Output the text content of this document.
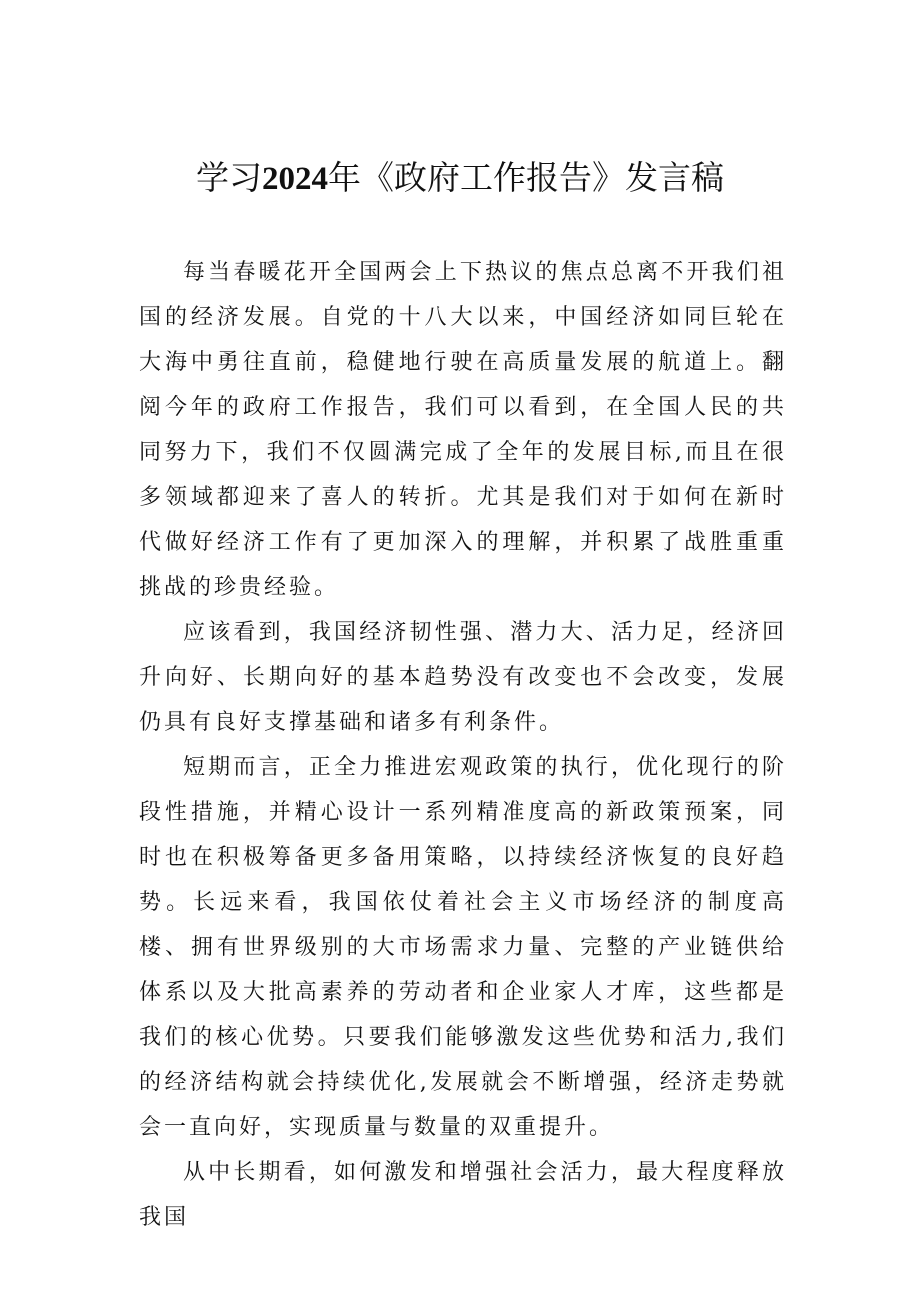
学习2024年《政府工作报告》发言稿

每当春暖花开全国两会上下热议的焦点总离不开我们祖国的经济发展。自党的十八大以来，中国经济如同巨轮在大海中勇往直前，稳健地行驶在高质量发展的航道上。翻阅今年的政府工作报告，我们可以看到，在全国人民的共同努力下，我们不仅圆满完成了全年的发展目标,而且在很多领域都迎来了喜人的转折。尤其是我们对于如何在新时代做好经济工作有了更加深入的理解，并积累了战胜重重挑战的珍贵经验。

应该看到，我国经济韧性强、潜力大、活力足，经济回升向好、长期向好的基本趋势没有改变也不会改变，发展仍具有良好支撑基础和诸多有利条件。

短期而言，正全力推进宏观政策的执行，优化现行的阶段性措施，并精心设计一系列精准度高的新政策预案，同时也在积极筹备更多备用策略，以持续经济恢复的良好趋势。长远来看，我国依仗着社会主义市场经济的制度高楼、拥有世界级别的大市场需求力量、完整的产业链供给体系以及大批高素养的劳动者和企业家人才库，这些都是我们的核心优势。只要我们能够激发这些优势和活力,我们的经济结构就会持续优化,发展就会不断增强，经济走势就会一直向好，实现质量与数量的双重提升。

从中长期看，如何激发和增强社会活力，最大程度释放我国
